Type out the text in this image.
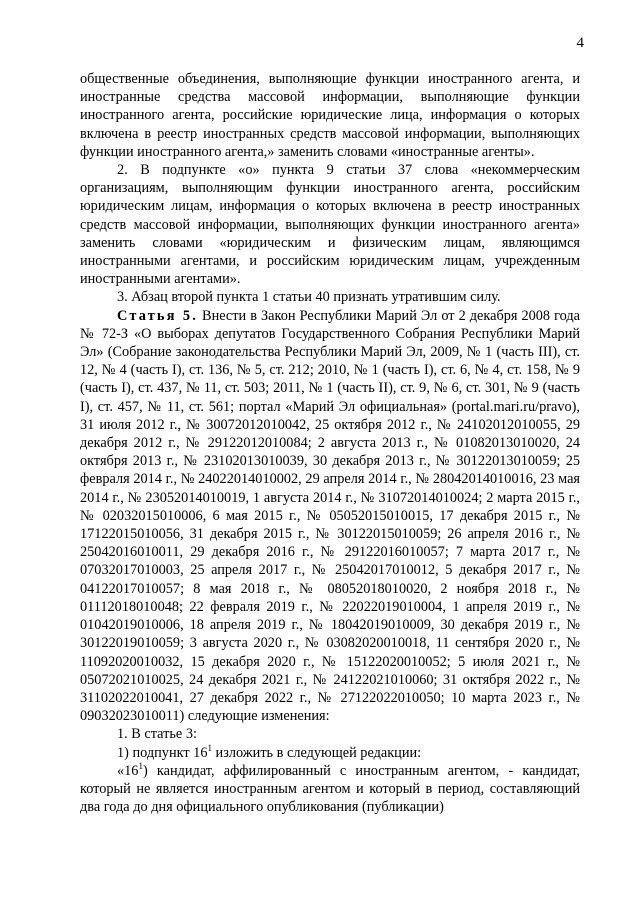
4

общественные объединения, выполняющие функции иностранного агента, и иностранные средства массовой информации, выполняющие функции иностранного агента, российские юридические лица, информация о которых включена в реестр иностранных средств массовой информации, выполняющих функции иностранного агента,» заменить словами «иностранные агенты».

2. В подпункте «о» пункта 9 статьи 37 слова «некоммерческим организациям, выполняющим функции иностранного агента, российским юридическим лицам, информация о которых включена в реестр иностранных средств массовой информации, выполняющих функции иностранного агента» заменить словами «юридическим и физическим лицам, являющимся иностранными агентами, и российским юридическим лицам, учрежденным иностранными агентами».

3. Абзац второй пункта 1 статьи 40 признать утратившим силу.

Статья 5. Внести в Закон Республики Марий Эл от 2 декабря 2008 года № 72-З «О выборах депутатов Государственного Собрания Республики Марий Эл» (Собрание законодательства Республики Марий Эл, 2009, № 1 (часть III), ст. 12, № 4 (часть I), ст. 136, № 5, ст. 212; 2010, № 1 (часть I), ст. 6, № 4, ст. 158, № 9 (часть I), ст. 437, № 11, ст. 503; 2011, № 1 (часть II), ст. 9, № 6, ст. 301, № 9 (часть I), ст. 457, № 11, ст. 561; портал «Марий Эл официальная» (portal.mari.ru/pravo), 31 июля 2012 г., № 30072012010042, 25 октября 2012 г., № 24102012010055, 29 декабря 2012 г., № 29122012010084; 2 августа 2013 г., № 01082013010020, 24 октября 2013 г., № 23102013010039, 30 декабря 2013 г., № 30122013010059; 25 февраля 2014 г., № 24022014010002, 29 апреля 2014 г., № 28042014010016, 23 мая 2014 г., № 23052014010019, 1 августа 2014 г., № 31072014010024; 2 марта 2015 г., № 02032015010006, 6 мая 2015 г., № 05052015010015, 17 декабря 2015 г., № 17122015010056, 31 декабря 2015 г., № 30122015010059; 26 апреля 2016 г., № 25042016010011, 29 декабря 2016 г., № 29122016010057; 7 марта 2017 г., № 07032017010003, 25 апреля 2017 г., № 25042017010012, 5 декабря 2017 г., № 04122017010057; 8 мая 2018 г., № 08052018010020, 2 ноября 2018 г., № 01112018010048; 22 февраля 2019 г., № 22022019010004, 1 апреля 2019 г., № 01042019010006, 18 апреля 2019 г., № 18042019010009, 30 декабря 2019 г., № 30122019010059; 3 августа 2020 г., № 03082020010018, 11 сентября 2020 г., № 11092020010032, 15 декабря 2020 г., № 15122020010052; 5 июля 2021 г., № 05072021010025, 24 декабря 2021 г., № 24122021010060; 31 октября 2022 г., № 31102022010041, 27 декабря 2022 г., № 27122022010050; 10 марта 2023 г., № 09032023010011) следующие изменения:

1. В статье 3:

1) подпункт $16^1$ изложить в следующей редакции:

«$16^1$) кандидат, аффилированный с иностранным агентом, - кандидат, который не является иностранным агентом и который в период, составляющий два года до дня официального опубликования (публикации)
